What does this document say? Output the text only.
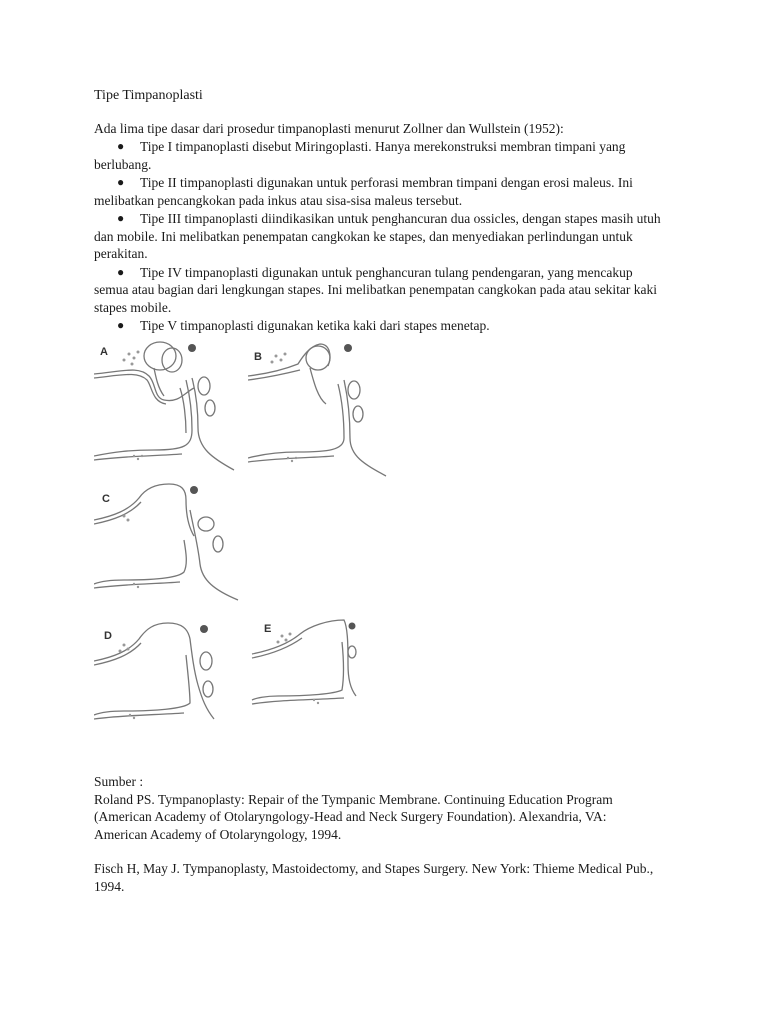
Tipe Timpanoplasti
Ada lima tipe dasar dari prosedur timpanoplasti menurut Zollner dan Wullstein (1952):
● Tipe I timpanoplasti disebut Miringoplasti. Hanya merekonstruksi membran timpani yang berlubang.
● Tipe II timpanoplasti digunakan untuk perforasi membran timpani dengan erosi maleus. Ini melibatkan pencangkokan pada inkus atau sisa-sisa maleus tersebut.
● Tipe III timpanoplasti diindikasikan untuk penghancuran dua ossicles, dengan stapes masih utuh dan mobile. Ini melibatkan penempatan cangkokan ke stapes, dan menyediakan perlindungan untuk perakitan.
● Tipe IV timpanoplasti digunakan untuk penghancuran tulang pendengaran, yang mencakup semua atau bagian dari lengkungan stapes. Ini melibatkan penempatan cangkokan pada atau sekitar kaki stapes mobile.
● Tipe V timpanoplasti digunakan ketika kaki dari stapes menetap.
A	B
C
D
E
Sumber :

Roland PS. Tympanoplasty: Repair of the Tympanic Membrane. Continuing Education Program (American Academy of Otolaryngology-Head and Neck Surgery Foundation). Alexandria, VA: American Academy of Otolaryngology, 1994.

Fisch H, May J. Tympanoplasty, Mastoidectomy, and Stapes Surgery. New York: Thieme Medical Pub., 1994.
